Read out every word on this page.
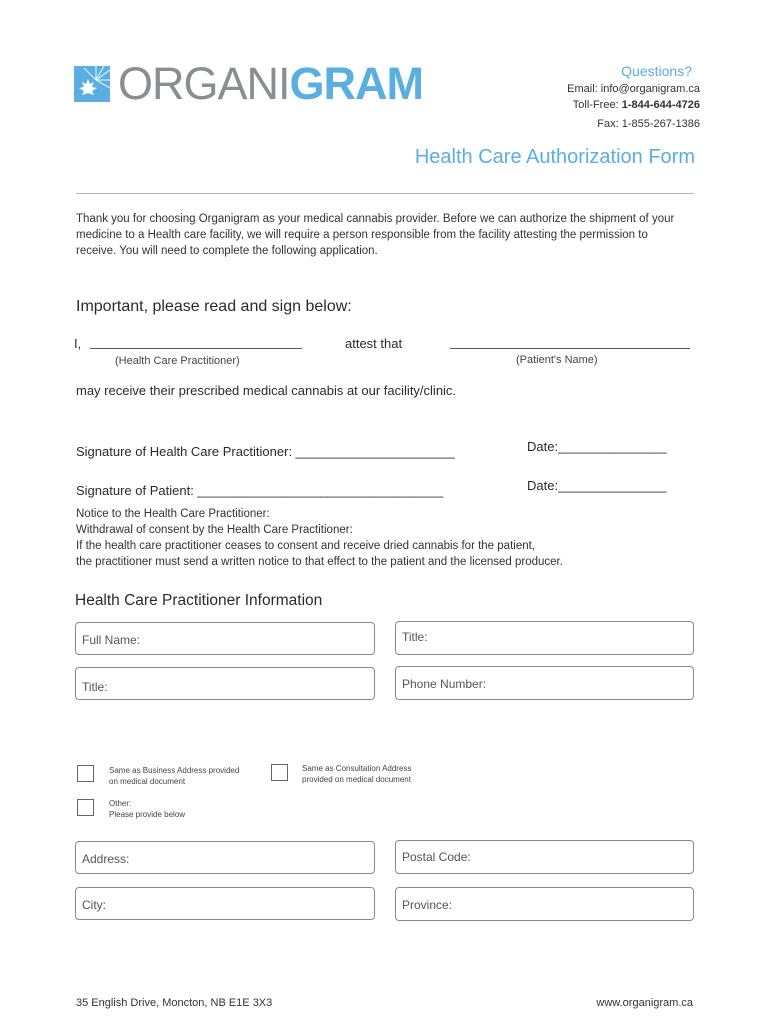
ORGANIGRAM	Questions?
Email: info@organigram.ca
Toll-Free: 1-844-644-4726
Fax: 1-855-267-1386
Health Care Authorization Form
Thank you for choosing Organigram as your medical cannabis provider. Before we can authorize the shipment of your medicine to a Health care facility, we will require a person responsible from the facility attesting the permission to receive. You will need to complete the following application.
Important, please read and sign below:
I,
(Health Care Practitioner)
attest that
(Patient's Name)
may receive their prescribed medical cannabis at our facility/clinic.
Signature of Health Care Practitioner: ______________________	Date:_______________
Signature of Patient: __________________________________	Date:_______________
Notice to the Health Care Practitioner:
Withdrawal of consent by the Health Care Practitioner:
If the health care practitioner ceases to consent and receive dried cannabis for the patient,
the practitioner must send a written notice to that effect to the patient and the licensed producer.
Health Care Practitioner Information
Full Name:	Title:
Title:	Phone Number:
Same as Business Address provided
on medical document
Same as Consultation Address
provided on medical document
Other:
Please provide below
Address:	Postal Code:
City:	Province:
35 English Drive, Moncton, NB E1E 3X3	www.organigram.ca
